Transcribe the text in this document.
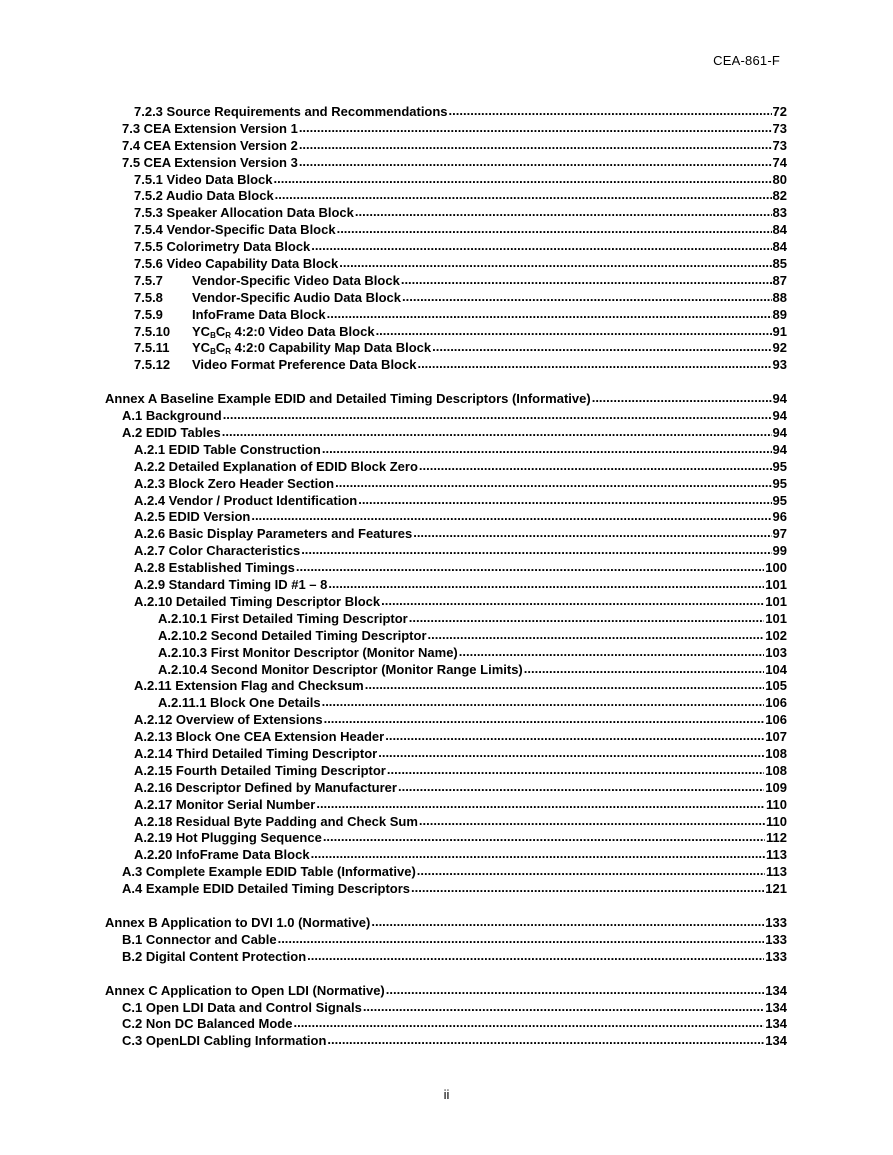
CEA-861-F
7.2.3 Source Requirements and Recommendations .....	72
7.3 CEA Extension Version 1 .....	73
7.4 CEA Extension Version 2 .....	73
7.5 CEA Extension Version 3 .....	74
7.5.1 Video Data Block .....	80
7.5.2 Audio Data Block .....	82
7.5.3 Speaker Allocation Data Block .....	83
7.5.4 Vendor-Specific Data Block .....	84
7.5.5 Colorimetry Data Block .....	84
7.5.6 Video Capability Data Block .....	85
7.5.7 Vendor-Specific Video Data Block .....	87
7.5.8 Vendor-Specific Audio Data Block .....	88
7.5.9 InfoFrame Data Block .....	89
7.5.10 $YC_BC_R$ 4:2:0 Video Data Block .....	91
7.5.11 $YC_BC_R$ 4:2:0 Capability Map Data Block .....	92
7.5.12 Video Format Preference Data Block .....	93
Annex A Baseline Example EDID and Detailed Timing Descriptors (Informative) .....	94
A.1 Background .....	94
A.2 EDID Tables .....	94
A.2.1 EDID Table Construction .....	94
A.2.2 Detailed Explanation of EDID Block Zero .....	95
A.2.3 Block Zero Header Section .....	95
A.2.4 Vendor / Product Identification .....	95
A.2.5 EDID Version .....	96
A.2.6 Basic Display Parameters and Features .....	97
A.2.7 Color Characteristics .....	99
A.2.8 Established Timings .....	100
A.2.9 Standard Timing ID #1 – 8 .....	101
A.2.10 Detailed Timing Descriptor Block .....	101
A.2.10.1 First Detailed Timing Descriptor .....	101
A.2.10.2 Second Detailed Timing Descriptor .....	102
A.2.10.3 First Monitor Descriptor (Monitor Name) .....	103
A.2.10.4 Second Monitor Descriptor (Monitor Range Limits) .....	104
A.2.11 Extension Flag and Checksum .....	105
A.2.11.1 Block One Details .....	106
A.2.12 Overview of Extensions .....	106
A.2.13 Block One CEA Extension Header .....	107
A.2.14 Third Detailed Timing Descriptor .....	108
A.2.15 Fourth Detailed Timing Descriptor .....	108
A.2.16 Descriptor Defined by Manufacturer .....	109
A.2.17 Monitor Serial Number .....	110
A.2.18 Residual Byte Padding and Check Sum .....	110
A.2.19 Hot Plugging Sequence .....	112
A.2.20 InfoFrame Data Block .....	113
A.3 Complete Example EDID Table (Informative) .....	113
A.4 Example EDID Detailed Timing Descriptors .....	121
Annex B Application to DVI 1.0 (Normative) .....	133
B.1 Connector and Cable .....	133
B.2 Digital Content Protection .....	133
Annex C Application to Open LDI (Normative) .....	134
C.1 Open LDI Data and Control Signals .....	134
C.2 Non DC Balanced Mode .....	134
C.3 OpenLDI Cabling Information .....	134
ii
